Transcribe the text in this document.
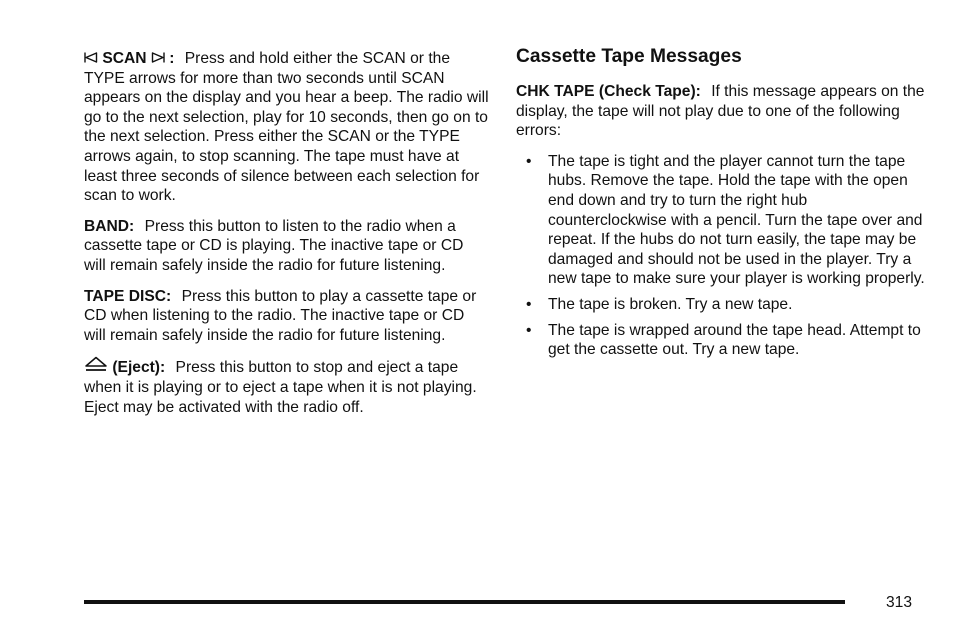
SCAN : Press and hold either the SCAN or the TYPE arrows for more than two seconds until SCAN appears on the display and you hear a beep. The radio will go to the next selection, play for 10 seconds, then go on to the next selection. Press either the SCAN or the TYPE arrows again, to stop scanning. The tape must have at least three seconds of silence between each selection for scan to work.

BAND: Press this button to listen to the radio when a cassette tape or CD is playing. The inactive tape or CD will remain safely inside the radio for future listening.

TAPE DISC: Press this button to play a cassette tape or CD when listening to the radio. The inactive tape or CD will remain safely inside the radio for future listening.

(Eject): Press this button to stop and eject a tape when it is playing or to eject a tape when it is not playing. Eject may be activated with the radio off.

Cassette Tape Messages

CHK TAPE (Check Tape): If this message appears on the display, the tape will not play due to one of the following errors:

• The tape is tight and the player cannot turn the tape hubs. Remove the tape. Hold the tape with the open end down and try to turn the right hub counterclockwise with a pencil. Turn the tape over and repeat. If the hubs do not turn easily, the tape may be damaged and should not be used in the player. Try a new tape to make sure your player is working properly.
• The tape is broken. Try a new tape.
• The tape is wrapped around the tape head. Attempt to get the cassette out. Try a new tape.
313
